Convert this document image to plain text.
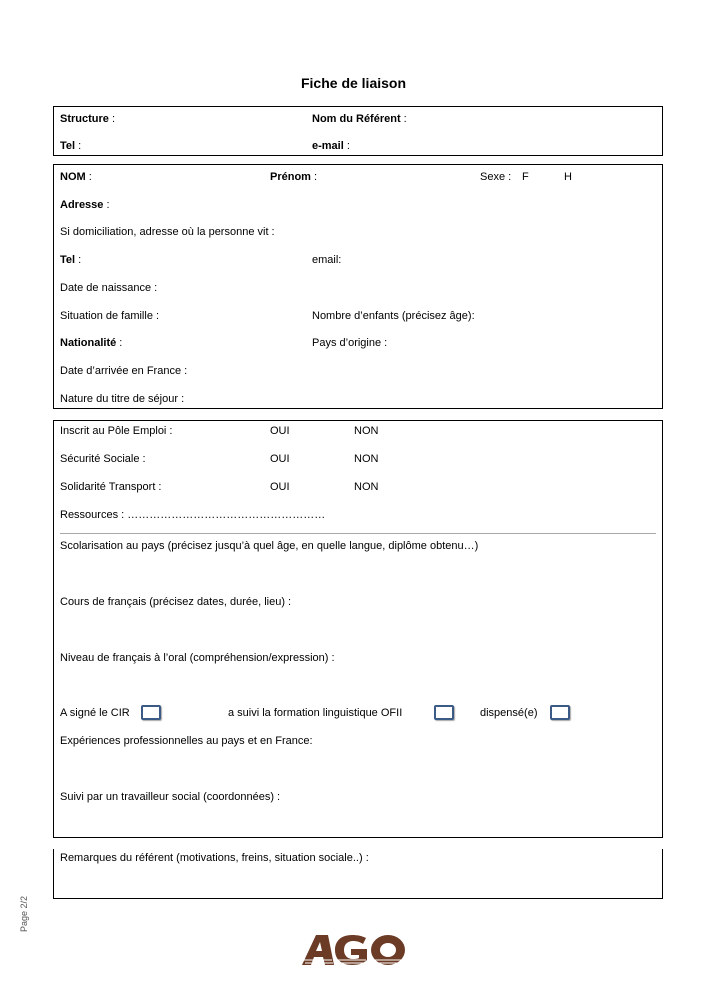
Fiche de liaison
Structure :	Nom du Référent :
Tel :	e-mail :
NOM :	Prénom :	Sexe : F	H
Adresse :
Si domiciliation, adresse où la personne vit :
Tel :	email:
Date de naissance :
Situation de famille :	Nombre d’enfants (précisez âge):
Nationalité :	Pays d’origine :
Date d’arrivée en France :
Nature du titre de séjour :
Inscrit au Pôle Emploi :	OUI	NON
Sécurité Sociale :	OUI	NON
Solidarité Transport :	OUI	NON
Ressources : ………………………………………………
Scolarisation au pays (précisez jusqu’à quel âge, en quelle langue, diplôme obtenu…)
Cours de français (précisez dates, durée, lieu) :
Niveau de français à l’oral (compréhension/expression) :
A signé le CIR	a suivi la formation linguistique OFII	dispensé(e)
Expériences professionnelles au pays et en France:
Suivi par un travailleur social (coordonnées) :
Remarques du référent (motivations, freins, situation sociale..) :
Page 2/2
